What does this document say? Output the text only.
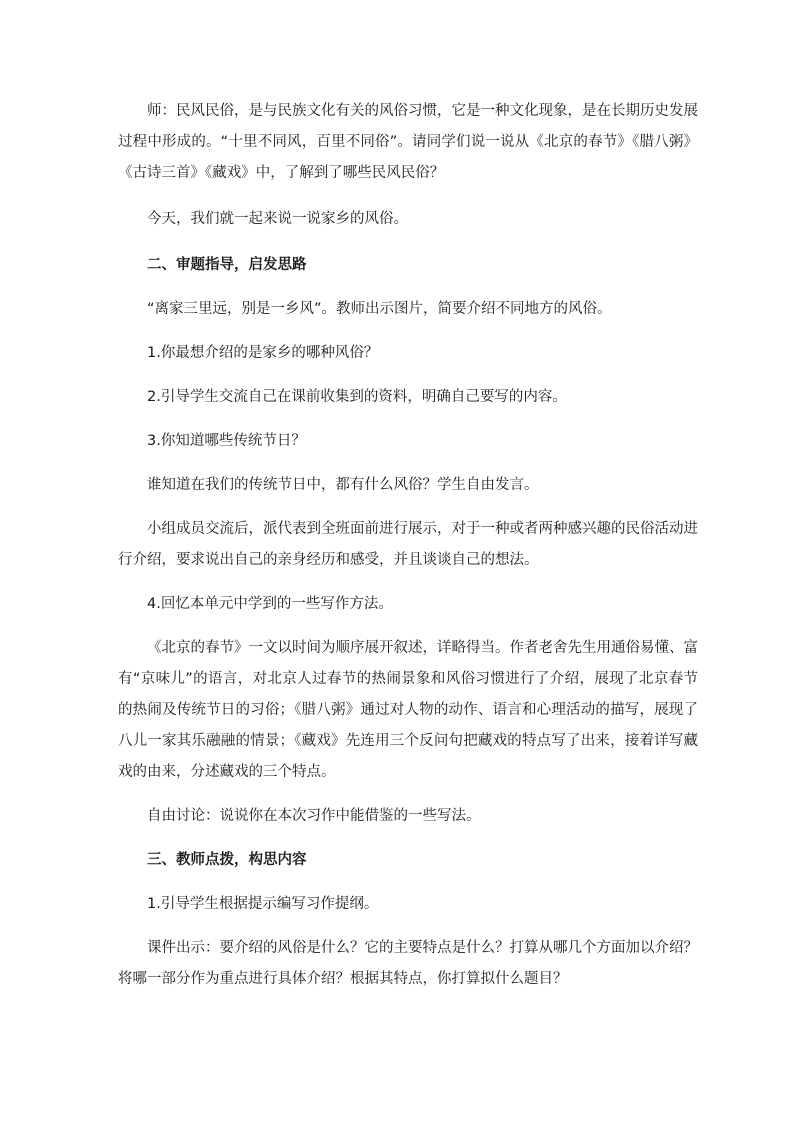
师：民风民俗，是与民族文化有关的风俗习惯，它是一种文化现象，是在长期历史发展过程中形成的。“十里不同风，百里不同俗”。请同学们说一说从《北京的春节》《腊八粥》《古诗三首》《藏戏》中，了解到了哪些民风民俗？

今天，我们就一起来说一说家乡的风俗。

二、审题指导，启发思路

“离家三里远，别是一乡风”。教师出示图片，简要介绍不同地方的风俗。

1.你最想介绍的是家乡的哪种风俗？

2.引导学生交流自己在课前收集到的资料，明确自己要写的内容。

3.你知道哪些传统节日？

谁知道在我们的传统节日中，都有什么风俗？学生自由发言。

小组成员交流后，派代表到全班面前进行展示，对于一种或者两种感兴趣的民俗活动进行介绍，要求说出自己的亲身经历和感受，并且谈谈自己的想法。

4.回忆本单元中学到的一些写作方法。

《北京的春节》一文以时间为顺序展开叙述，详略得当。作者老舍先生用通俗易懂、富有“京味儿”的语言，对北京人过春节的热闹景象和风俗习惯进行了介绍，展现了北京春节的热闹及传统节日的习俗；《腊八粥》通过对人物的动作、语言和心理活动的描写，展现了八儿一家其乐融融的情景；《藏戏》先连用三个反问句把藏戏的特点写了出来，接着详写藏戏的由来，分述藏戏的三个特点。

自由讨论：说说你在本次习作中能借鉴的一些写法。

三、教师点拨，构思内容

1.引导学生根据提示编写习作提纲。

课件出示：要介绍的风俗是什么？它的主要特点是什么？打算从哪几个方面加以介绍？将哪一部分作为重点进行具体介绍？根据其特点，你打算拟什么题目？
